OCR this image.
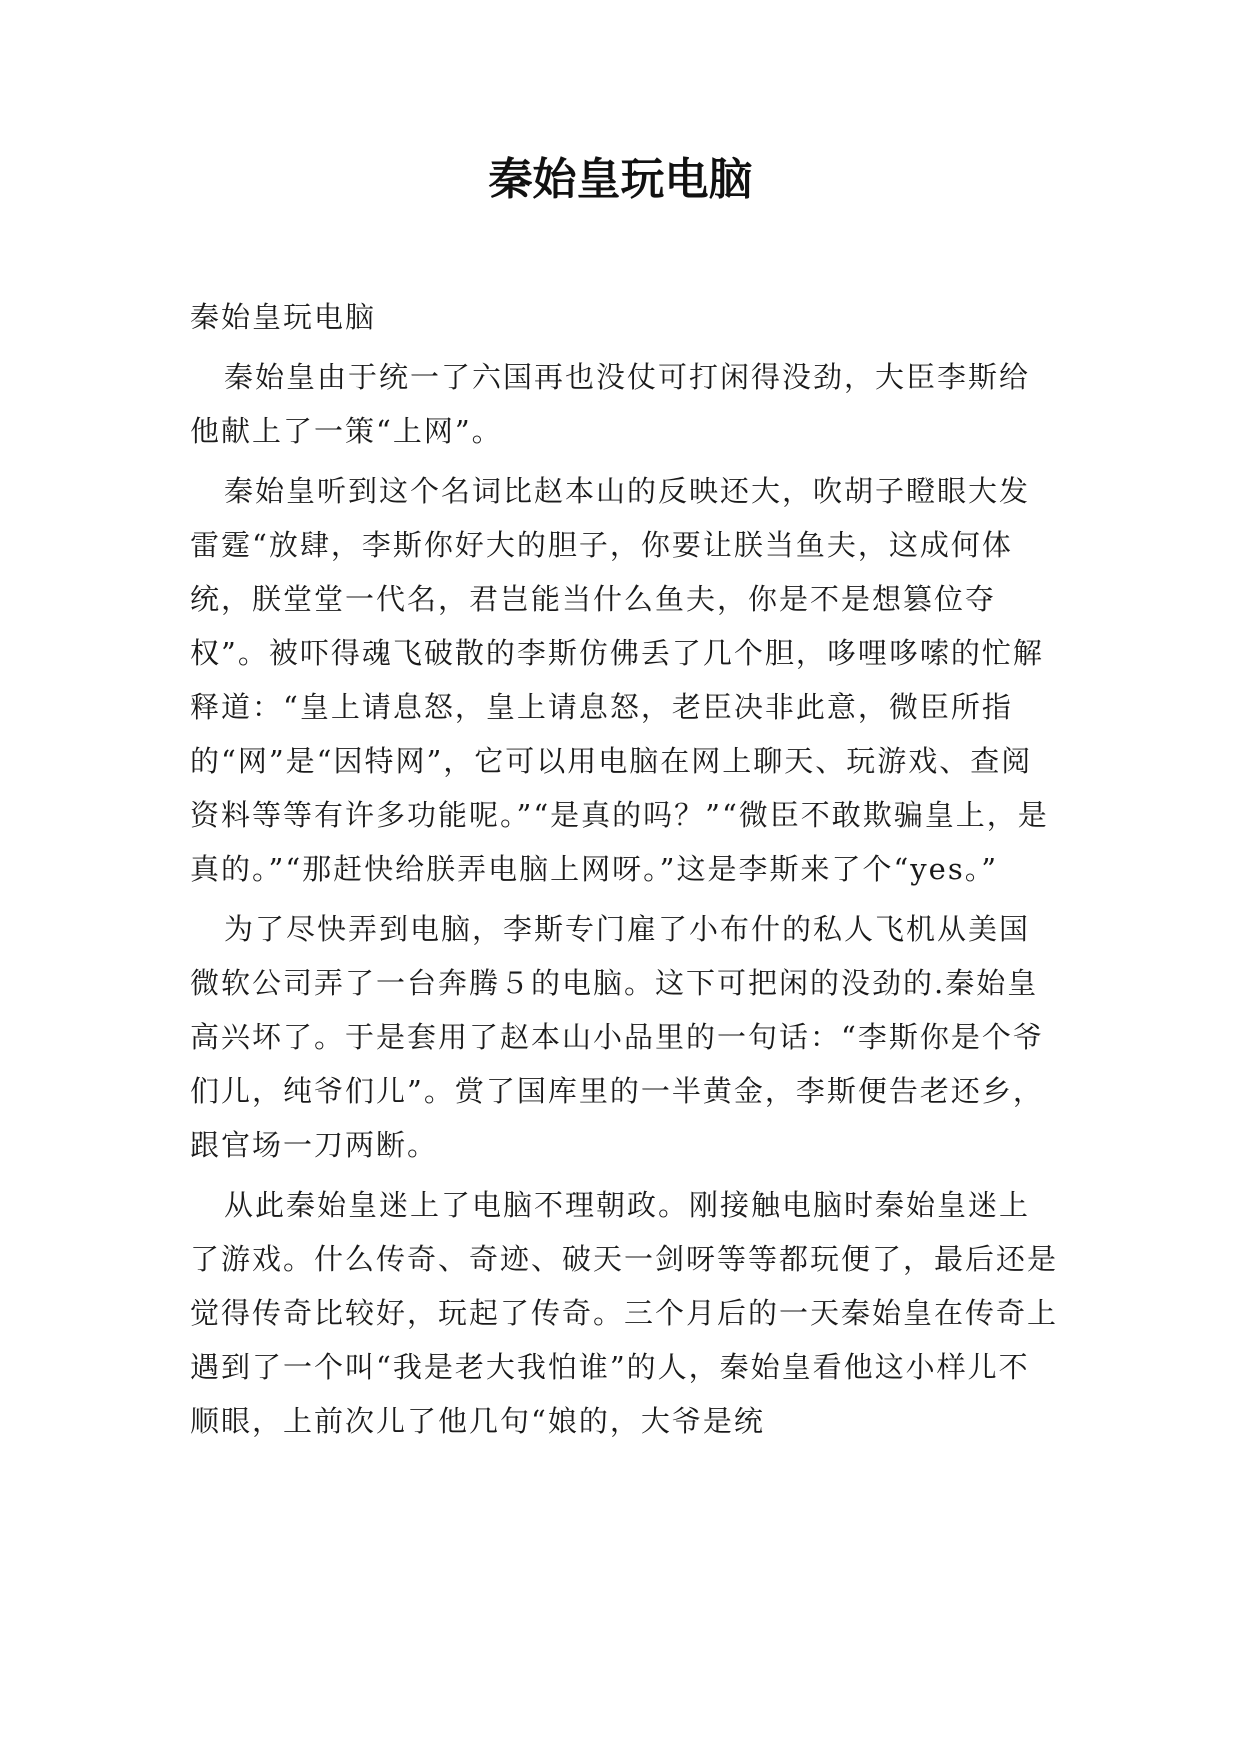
秦始皇玩电脑

秦始皇玩电脑

秦始皇由于统一了六国再也没仗可打闲得没劲，大臣李斯给他献上了一策“上网”。

秦始皇听到这个名词比赵本山的反映还大，吹胡子瞪眼大发雷霆“放肆，李斯你好大的胆子，你要让朕当鱼夫，这成何体统，朕堂堂一代名，君岂能当什么鱼夫，你是不是想篡位夺权”。被吓得魂飞破散的李斯仿佛丢了几个胆，哆哩哆嗦的忙解释道：“皇上请息怒，皇上请息怒，老臣决非此意，微臣所指的“网”是“因特网”，它可以用电脑在网上聊天、玩游戏、查阅资料等等有许多功能呢。”“是真的吗？”“微臣不敢欺骗皇上，是真的。”“那赶快给朕弄电脑上网呀。”这是李斯来了个“yes。”

为了尽快弄到电脑，李斯专门雇了小布什的私人飞机从美国微软公司弄了一台奔腾５的电脑。这下可把闲的没劲的.秦始皇高兴坏了。于是套用了赵本山小品里的一句话：“李斯你是个爷们儿，纯爷们儿”。赏了国库里的一半黄金，李斯便告老还乡，跟官场一刀两断。

从此秦始皇迷上了电脑不理朝政。刚接触电脑时秦始皇迷上了游戏。什么传奇、奇迹、破天一剑呀等等都玩便了，最后还是觉得传奇比较好，玩起了传奇。三个月后的一天秦始皇在传奇上遇到了一个叫“我是老大我怕谁”的人，秦始皇看他这小样儿不顺眼，上前次儿了他几句“娘的，大爷是统
